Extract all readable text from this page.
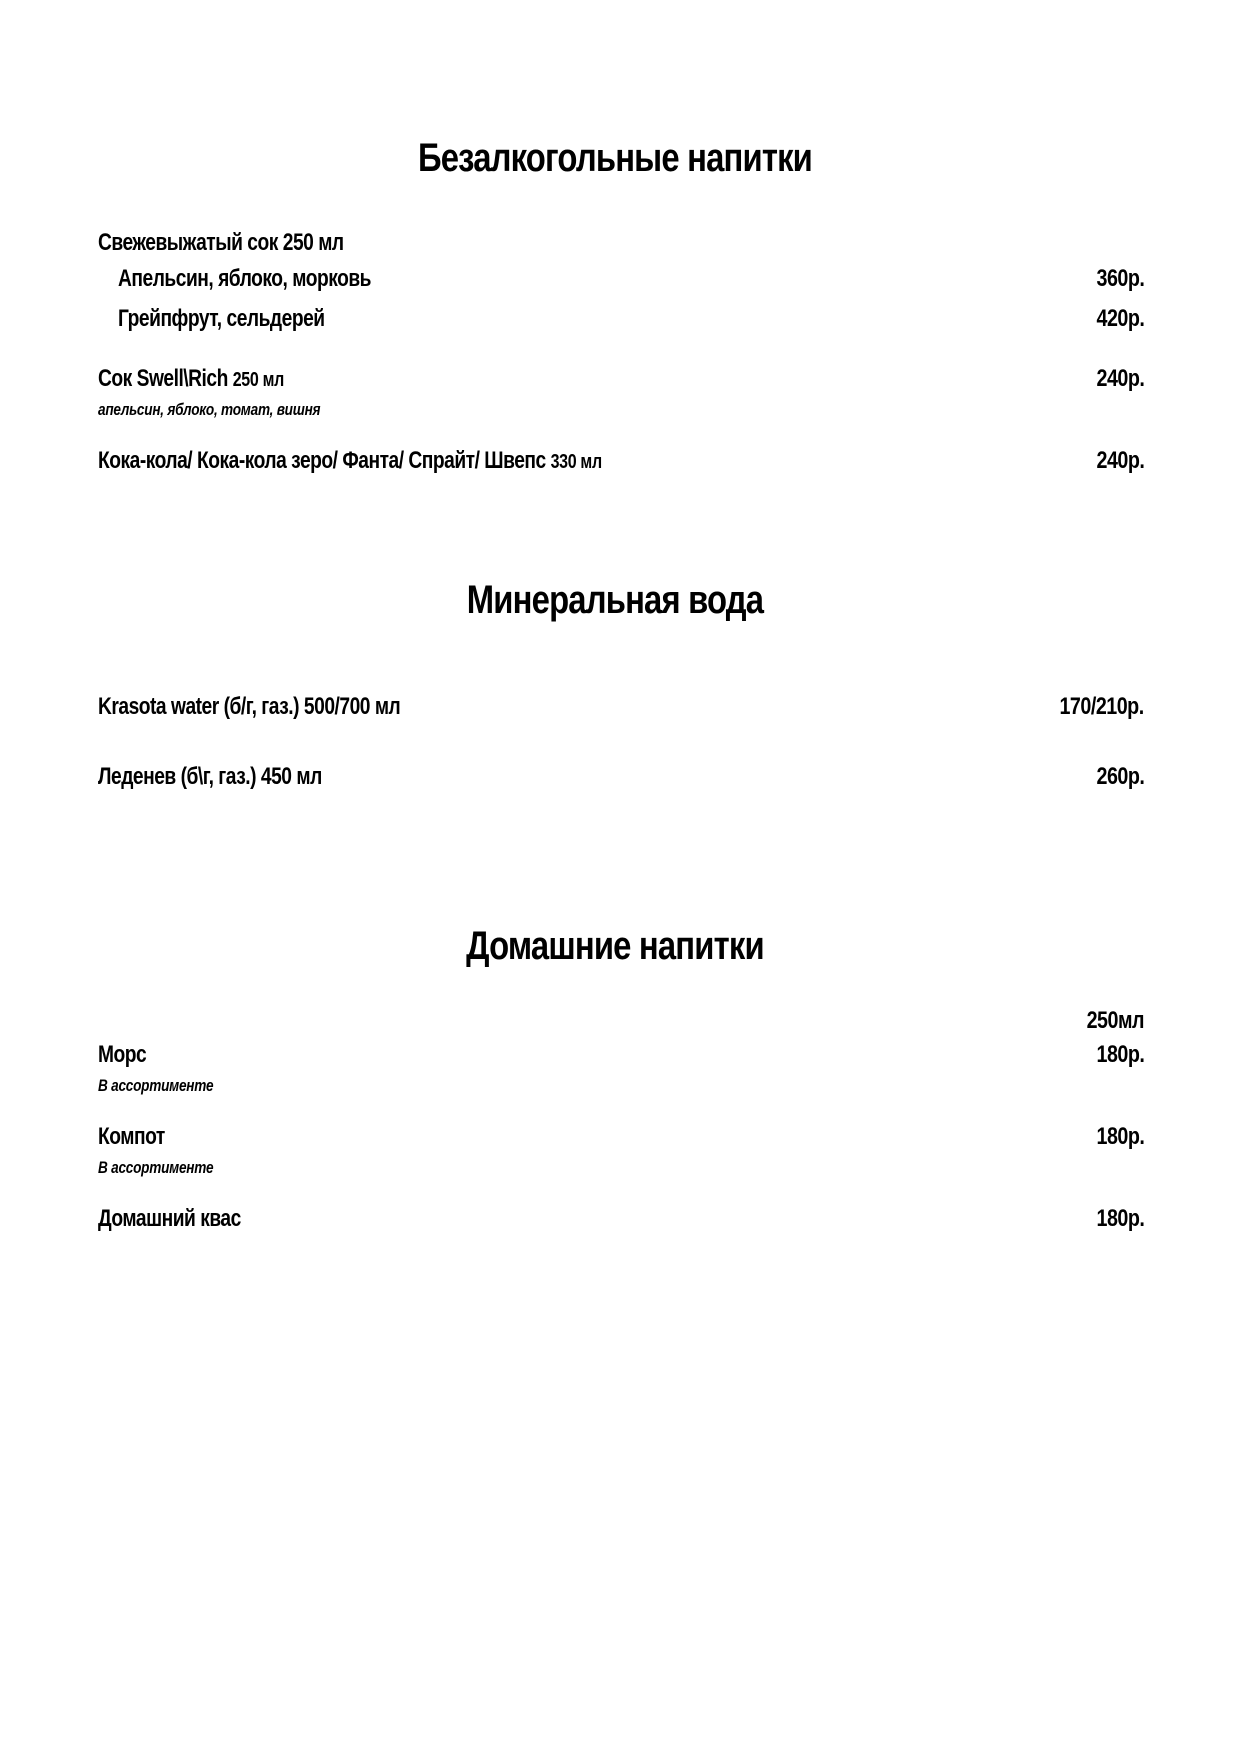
Безалкогольные напитки
Свежевыжатый сок 250 мл
Апельсин, яблоко, морковь	360р.
Грейпфрут, сельдерей	420р.
Сок Swell\Rich 250 мл	240р.
апельсин, яблоко, томат, вишня
Кока-кола/ Кока-кола зеро/ Фанта/ Спрайт/ Швепс 330 мл	240р.
Минеральная вода
Krasota water (б/г, газ.) 500/700 мл	170/210р.
Леденев (б\г, газ.) 450 мл	260р.
Домашние напитки
250мл
Морс	180р.
В ассортименте
Компот	180р.
В ассортименте
Домашний квас	180р.
